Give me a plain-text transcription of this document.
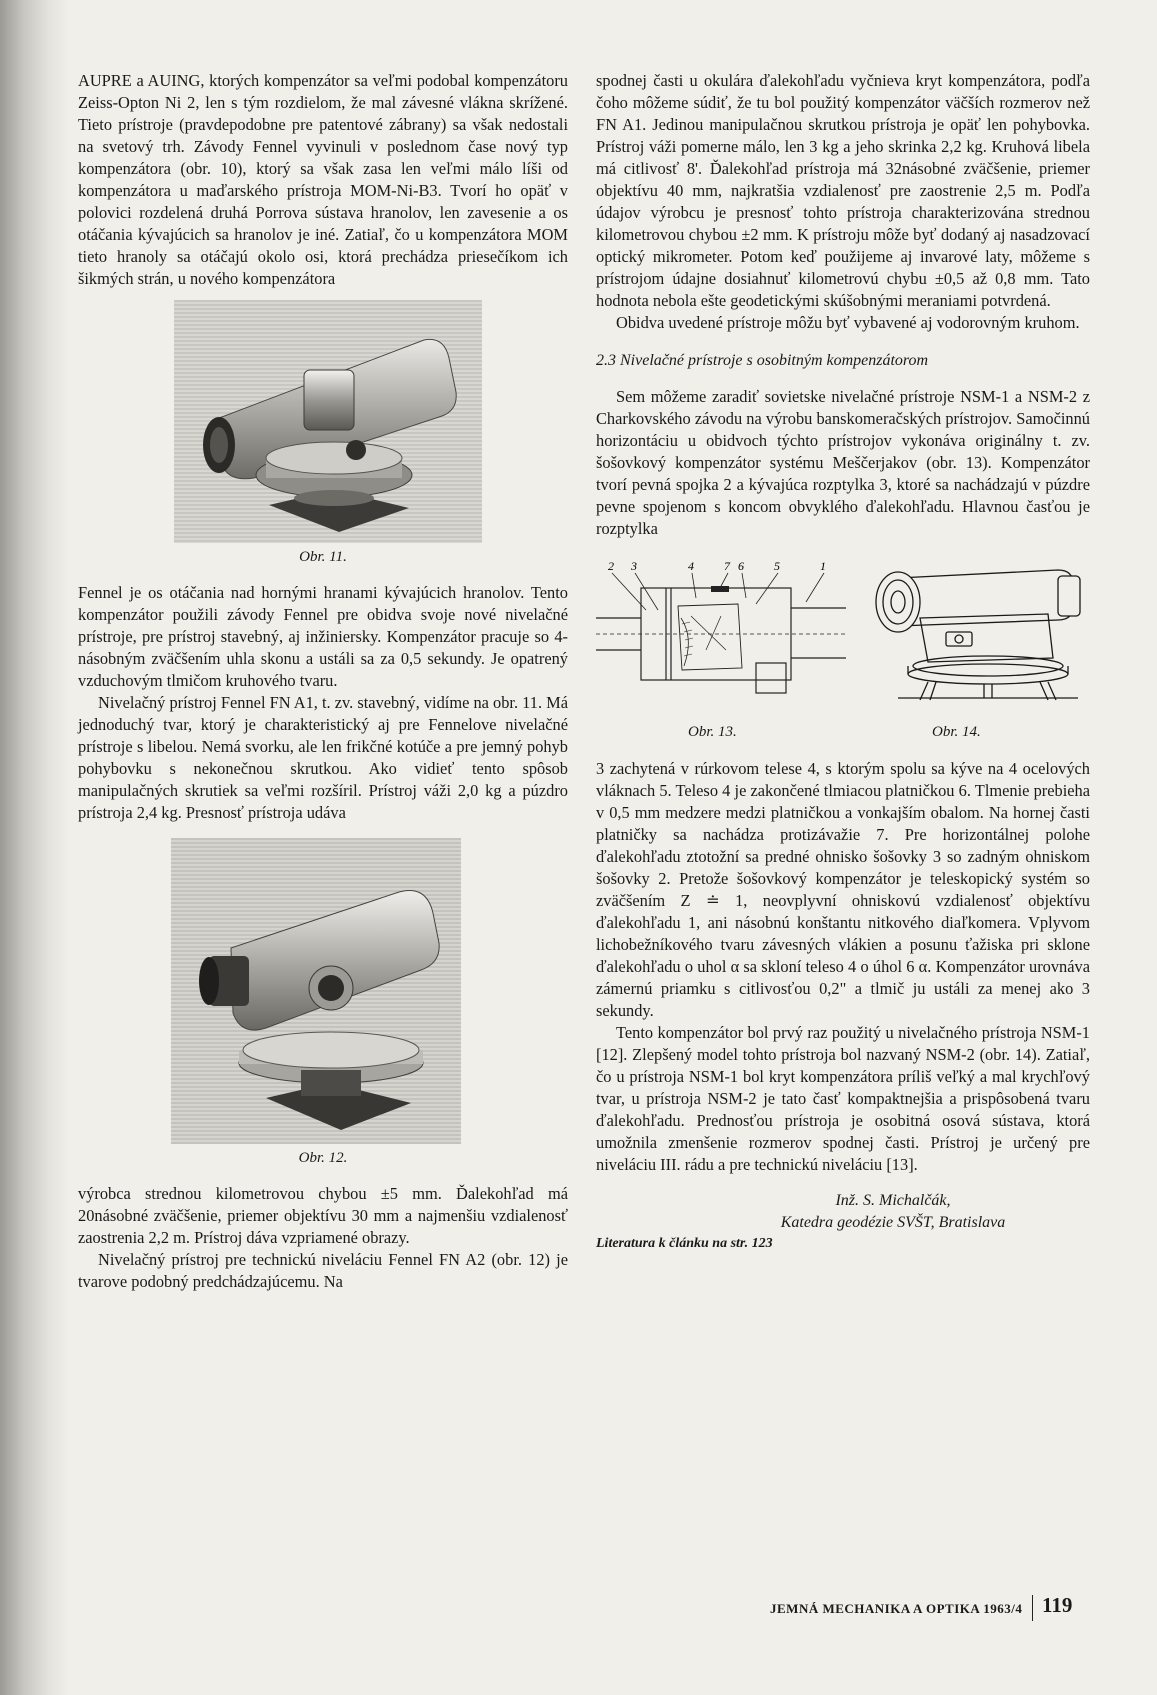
AUPRE a AUING, ktorých kompenzátor sa veľmi podobal kompenzátoru Zeiss-Opton Ni 2, len s tým rozdielom, že mal závesné vlákna skrížené. Tieto prístroje (pravdepodobne pre patentové zábrany) sa však nedostali na svetový trh. Závody Fennel vyvinuli v poslednom čase nový typ kompenzátora (obr. 10), ktorý sa však zasa len veľmi málo líši od kompenzátora u maďarského prístroja MOM-Ni-B3. Tvorí ho opäť v polovici rozdelená druhá Porrova sústava hranolov, len zavesenie a os otáčania kývajúcich sa hranolov je iné. Zatiaľ, čo u kompenzátora MOM tieto hranoly sa otáčajú okolo osi, ktorá prechádza priesečíkom ich šikmých strán, u nového kompenzátora

Obr. 11.

Fennel je os otáčania nad hornými hranami kývajúcich hranolov. Tento kompenzátor použili závody Fennel pre obidva svoje nové nivelačné prístroje, pre prístroj stavebný, aj inžiniersky. Kompenzátor pracuje so 4-násobným zväčšením uhla skonu a ustáli sa za 0,5 sekundy. Je opatrený vzduchovým tlmičom kruhového tvaru.

Nivelačný prístroj Fennel FN A1, t. zv. stavebný, vidíme na obr. 11. Má jednoduchý tvar, ktorý je charakteristický aj pre Fennelove nivelačné prístroje s libelou. Nemá svorku, ale len frikčné kotúče a pre jemný pohyb pohybovku s nekonečnou skrutkou. Ako vidieť tento spôsob manipulačných skrutiek sa veľmi rozšíril. Prístroj váži 2,0 kg a púzdro prístroja 2,4 kg. Presnosť prístroja udáva

Obr. 12.

výrobca strednou kilometrovou chybou ±5 mm. Ďalekohľad má 20násobné zväčšenie, priemer objektívu 30 mm a najmenšiu vzdialenosť zaostrenia 2,2 m. Prístroj dáva vzpriamené obrazy.

Nivelačný prístroj pre technickú niveláciu Fennel FN A2 (obr. 12) je tvarove podobný predchádzajúcemu. Na

spodnej časti u okulára ďalekohľadu vyčnieva kryt kompenzátora, podľa čoho môžeme súdiť, že tu bol použitý kompenzátor väčších rozmerov než FN A1. Jedinou manipulačnou skrutkou prístroja je opäť len pohybovka. Prístroj váži pomerne málo, len 3 kg a jeho skrinka 2,2 kg. Kruhová libela má citlivosť 8'. Ďalekohľad prístroja má 32násobné zväčšenie, priemer objektívu 40 mm, najkratšia vzdialenosť pre zaostrenie 2,5 m. Podľa údajov výrobcu je presnosť tohto prístroja charakterizována strednou kilometrovou chybou ±2 mm. K prístroju môže byť dodaný aj nasadzovací optický mikrometer. Potom keď použijeme aj invarové laty, môžeme s prístrojom údajne dosiahnuť kilometrovú chybu ±0,5 až 0,8 mm. Tato hodnota nebola ešte geodetickými skúšobnými meraniami potvrdená.

Obidva uvedené prístroje môžu byť vybavené aj vodorovným kruhom.

2.3 Nivelačné prístroje s osobitným kompenzátorom

Sem môžeme zaradiť sovietske nivelačné prístroje NSM-1 a NSM-2 z Charkovského závodu na výrobu banskomeračských prístrojov. Samočinnú horizontáciu u obidvoch týchto prístrojov vykonáva originálny t. zv. šošovkový kompenzátor systému Meščerjakov (obr. 13). Kompenzátor tvorí pevná spojka 2 a kývajúca rozptylka 3, ktoré sa nachádzajú v púzdre pevne spojenom s koncom obvyklého ďalekohľadu. Hlavnou časťou je rozptylka

2 3	4	7 6	5	1
Obr. 13.	Obr. 14.

3 zachytená v rúrkovom telese 4, s ktorým spolu sa kýve na 4 ocelových vláknach 5. Teleso 4 je zakončené tlmiacou platničkou 6. Tlmenie prebieha v 0,5 mm medzere medzi platničkou a vonkajším obalom. Na hornej časti platničky sa nachádza protizávažie 7. Pre horizontálnej polohe ďalekohľadu ztotožní sa predné ohnisko šošovky 3 so zadným ohniskom šošovky 2. Pretože šošovkový kompenzátor je teleskopický systém so zväčšením Z ≐ 1, neovplyvní ohniskovú vzdialenosť objektívu ďalekohľadu 1, ani násobnú konštantu nitkového diaľkomera. Vplyvom lichobežníkového tvaru závesných vlákien a posunu ťažiska pri sklone ďalekohľadu o uhol α sa skloní teleso 4 o úhol 6 α. Kompenzátor urovnáva zámernú priamku s citlivosťou 0,2" a tlmič ju ustáli za menej ako 3 sekundy.

Tento kompenzátor bol prvý raz použitý u nivelačného prístroja NSM-1 [12]. Zlepšený model tohto prístroja bol nazvaný NSM-2 (obr. 14). Zatiaľ, čo u prístroja NSM-1 bol kryt kompenzátora príliš veľký a mal krychľový tvar, u prístroja NSM-2 je tato časť kompaktnejšia a prispôsobená tvaru ďalekohľadu. Prednosťou prístroja je osobitná osová sústava, ktorá umožnila zmenšenie rozmerov spodnej časti. Prístroj je určený pre niveláciu III. rádu a pre technickú niveláciu [13].

Inž. S. Michalčák,
Katedra geodézie SVŠT, Bratislava
Literatura k článku na str. 123
JEMNÁ MECHANIKA A OPTIKA 1963/4 119
